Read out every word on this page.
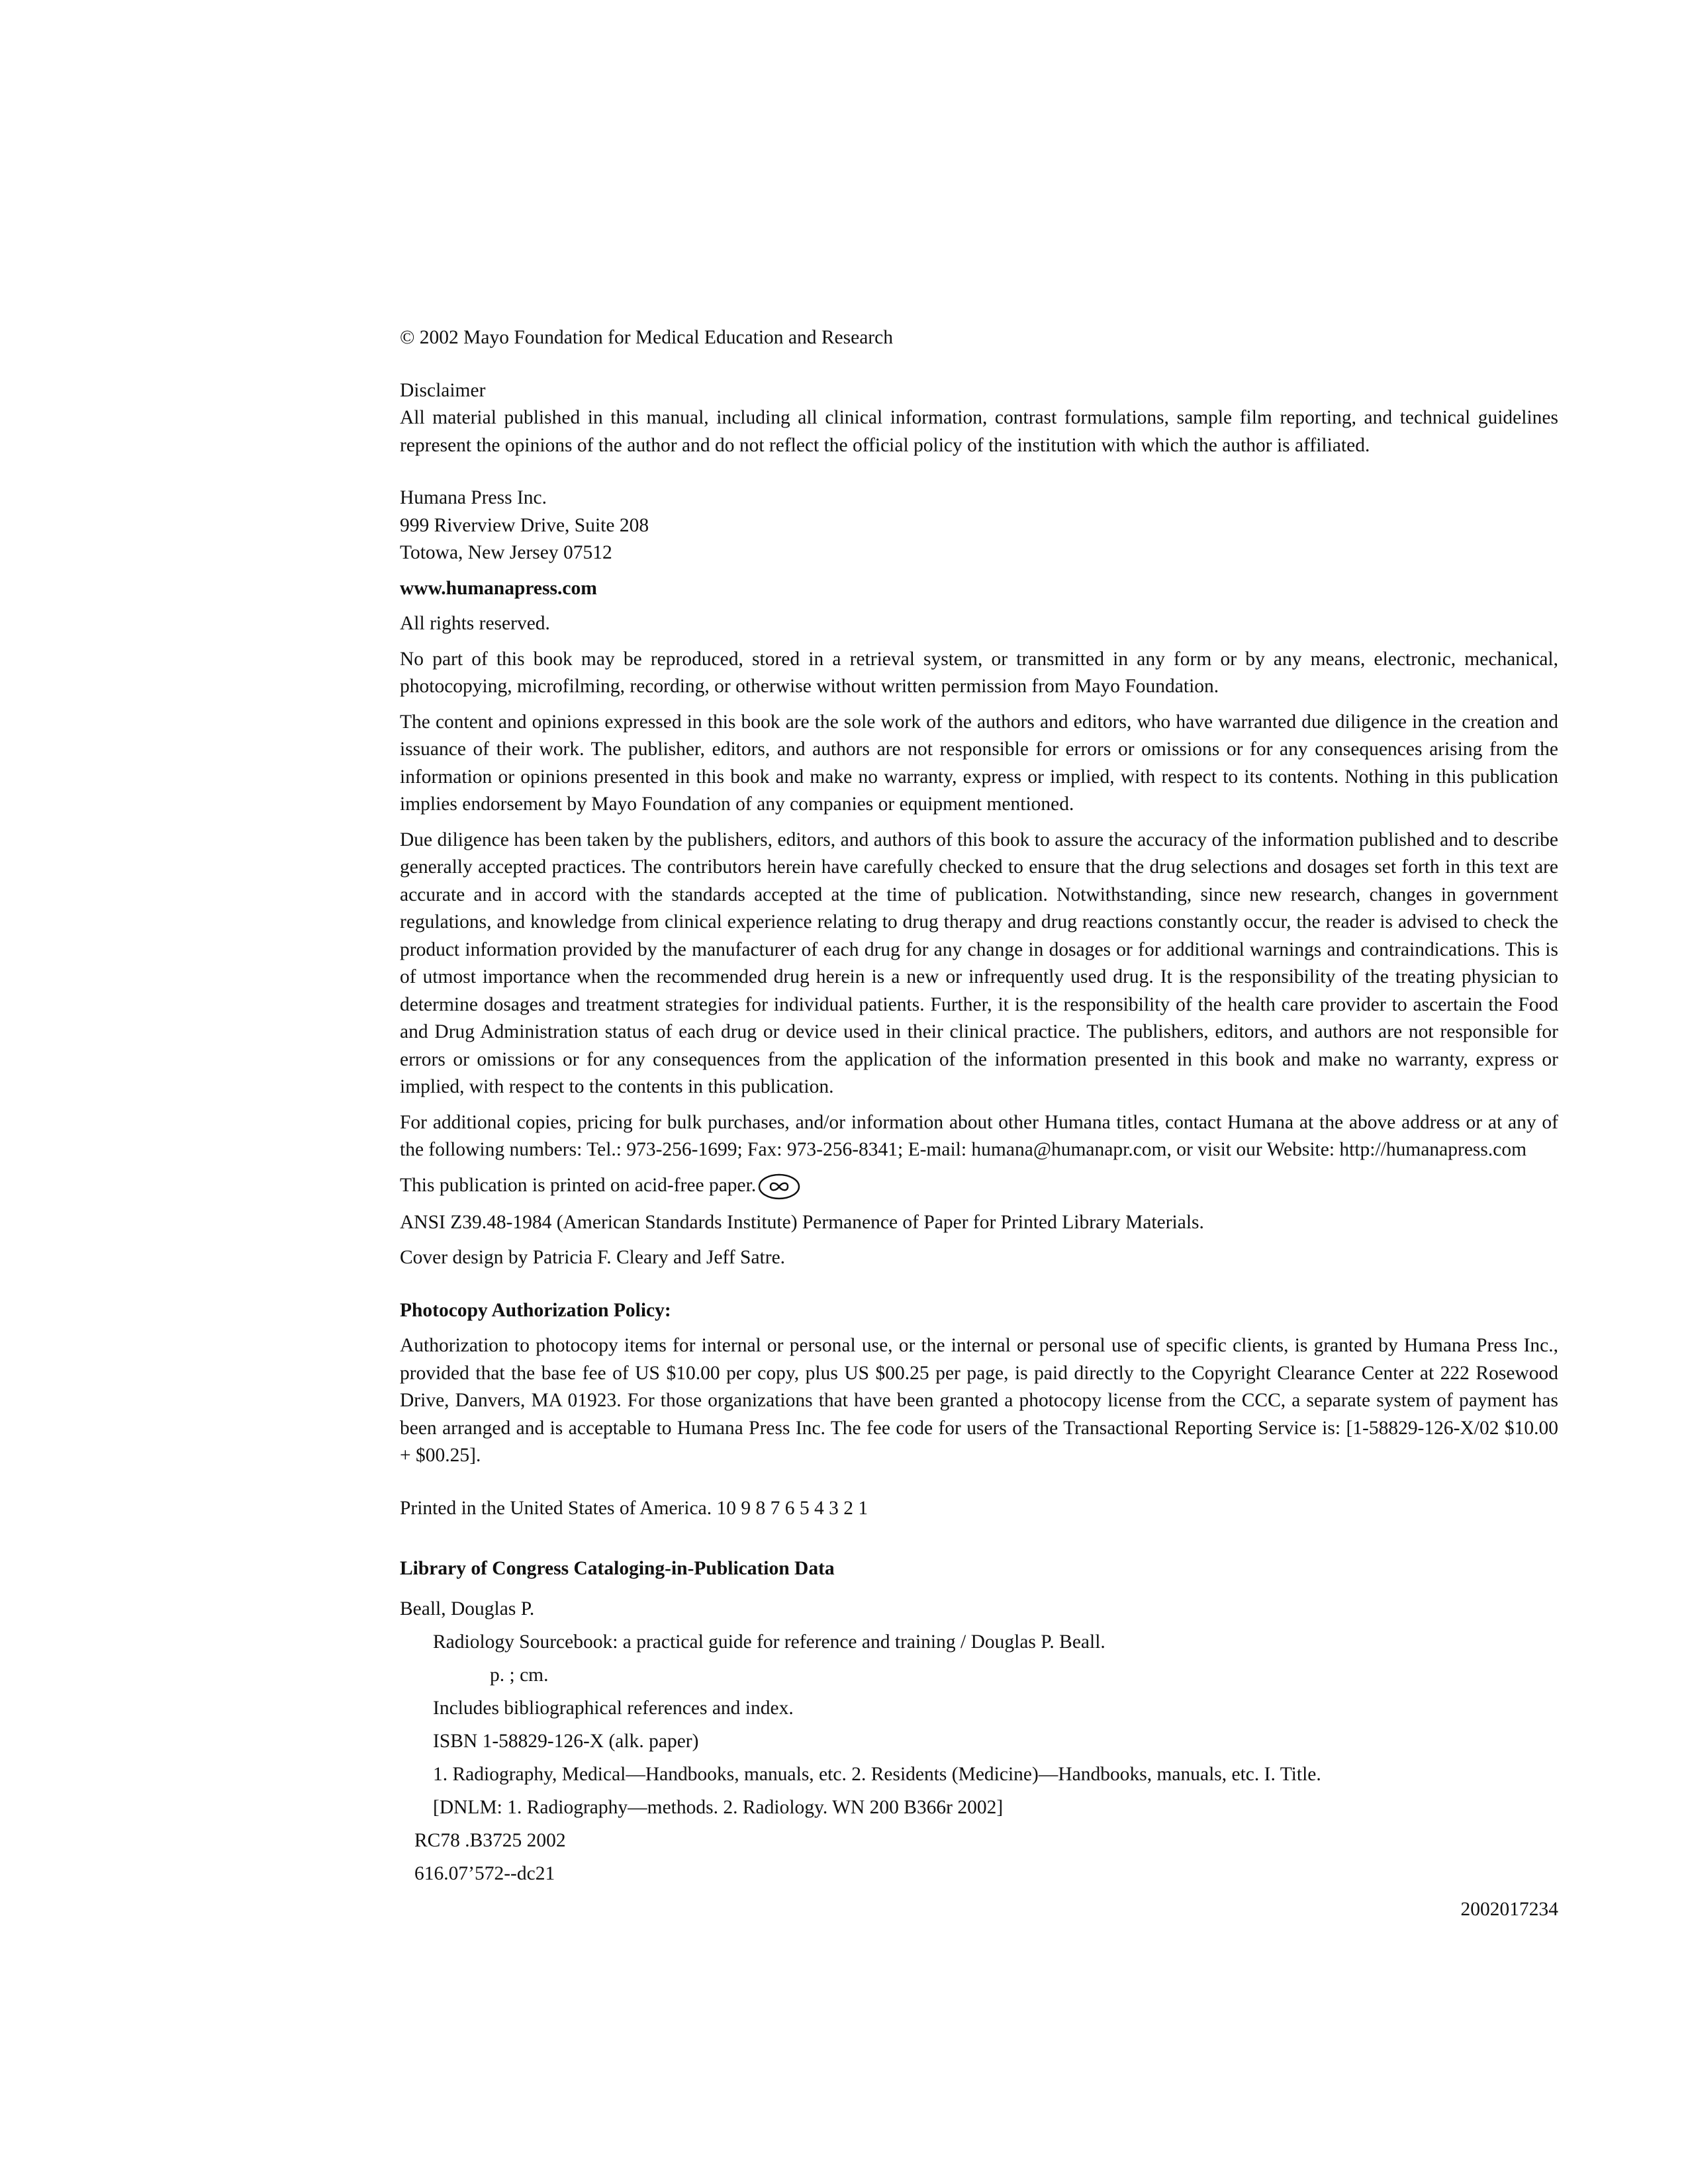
© 2002 Mayo Foundation for Medical Education and Research

Disclaimer

All material published in this manual, including all clinical information, contrast formulations, sample film reporting, and technical guidelines represent the opinions of the author and do not reflect the official policy of the institution with which the author is affiliated.

Humana Press Inc.

999 Riverview Drive, Suite 208

Totowa, New Jersey 07512

www.humanapress.com

All rights reserved.

No part of this book may be reproduced, stored in a retrieval system, or transmitted in any form or by any means, electronic, mechanical, photocopying, microfilming, recording, or otherwise without written permission from Mayo Foundation.

The content and opinions expressed in this book are the sole work of the authors and editors, who have warranted due diligence in the creation and issuance of their work. The publisher, editors, and authors are not responsible for errors or omissions or for any consequences arising from the information or opinions presented in this book and make no warranty, express or implied, with respect to its contents. Nothing in this publication implies endorsement by Mayo Foundation of any companies or equipment mentioned.

Due diligence has been taken by the publishers, editors, and authors of this book to assure the accuracy of the information published and to describe generally accepted practices. The contributors herein have carefully checked to ensure that the drug selections and dosages set forth in this text are accurate and in accord with the standards accepted at the time of publication. Notwithstanding, since new research, changes in government regulations, and knowledge from clinical experience relating to drug therapy and drug reactions constantly occur, the reader is advised to check the product information provided by the manufacturer of each drug for any change in dosages or for additional warnings and contraindications. This is of utmost importance when the recommended drug herein is a new or infrequently used drug. It is the responsibility of the treating physician to determine dosages and treatment strategies for individual patients. Further, it is the responsibility of the health care provider to ascertain the Food and Drug Administration status of each drug or device used in their clinical practice. The publishers, editors, and authors are not responsible for errors or omissions or for any consequences from the application of the information presented in this book and make no warranty, express or implied, with respect to the contents in this publication.

For additional copies, pricing for bulk purchases, and/or information about other Humana titles, contact Humana at the above address or at any of the following numbers: Tel.: 973-256-1699; Fax: 973-256-8341; E-mail: humana@humanapr.com, or visit our Website: http://humanapress.com

This publication is printed on acid-free paper.

ANSI Z39.48-1984 (American Standards Institute) Permanence of Paper for Printed Library Materials.

Cover design by Patricia F. Cleary and Jeff Satre.

Photocopy Authorization Policy:

Authorization to photocopy items for internal or personal use, or the internal or personal use of specific clients, is granted by Humana Press Inc., provided that the base fee of US $10.00 per copy, plus US $00.25 per page, is paid directly to the Copyright Clearance Center at 222 Rosewood Drive, Danvers, MA 01923. For those organizations that have been granted a photocopy license from the CCC, a separate system of payment has been arranged and is acceptable to Humana Press Inc. The fee code for users of the Transactional Reporting Service is: [1-58829-126-X/02 $10.00 + $00.25].

Printed in the United States of America. 10 9 8 7 6 5 4 3 2 1

Library of Congress Cataloging-in-Publication Data

Beall, Douglas P.

Radiology Sourcebook: a practical guide for reference and training / Douglas P. Beall.

p. ; cm.

Includes bibliographical references and index.

ISBN 1-58829-126-X (alk. paper)

1. Radiography, Medical—Handbooks, manuals, etc. 2. Residents (Medicine)—Handbooks, manuals, etc. I. Title.

[DNLM: 1. Radiography—methods. 2. Radiology. WN 200 B366r 2002]

RC78 .B3725 2002

616.07’572--dc21

2002017234
